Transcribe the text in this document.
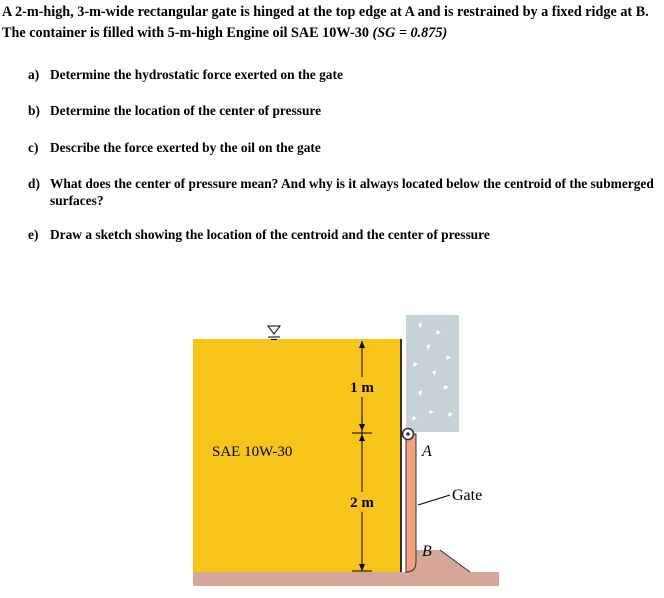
A 2-m-high, 3-m-wide rectangular gate is hinged at the top edge at A and is restrained by a fixed ridge at B. The container is filled with 5-m-high Engine oil SAE 10W-30 (SG = 0.875)
a) Determine the hydrostatic force exerted on the gate
b) Determine the location of the center of pressure
c) Describe the force exerted by the oil on the gate
d) What does the center of pressure mean? And why is it always located below the centroid of the submerged surfaces?
e) Draw a sketch showing the location of the centroid and the center of pressure
1 m
2 m
SAE 10W-30	A
B
Gate
